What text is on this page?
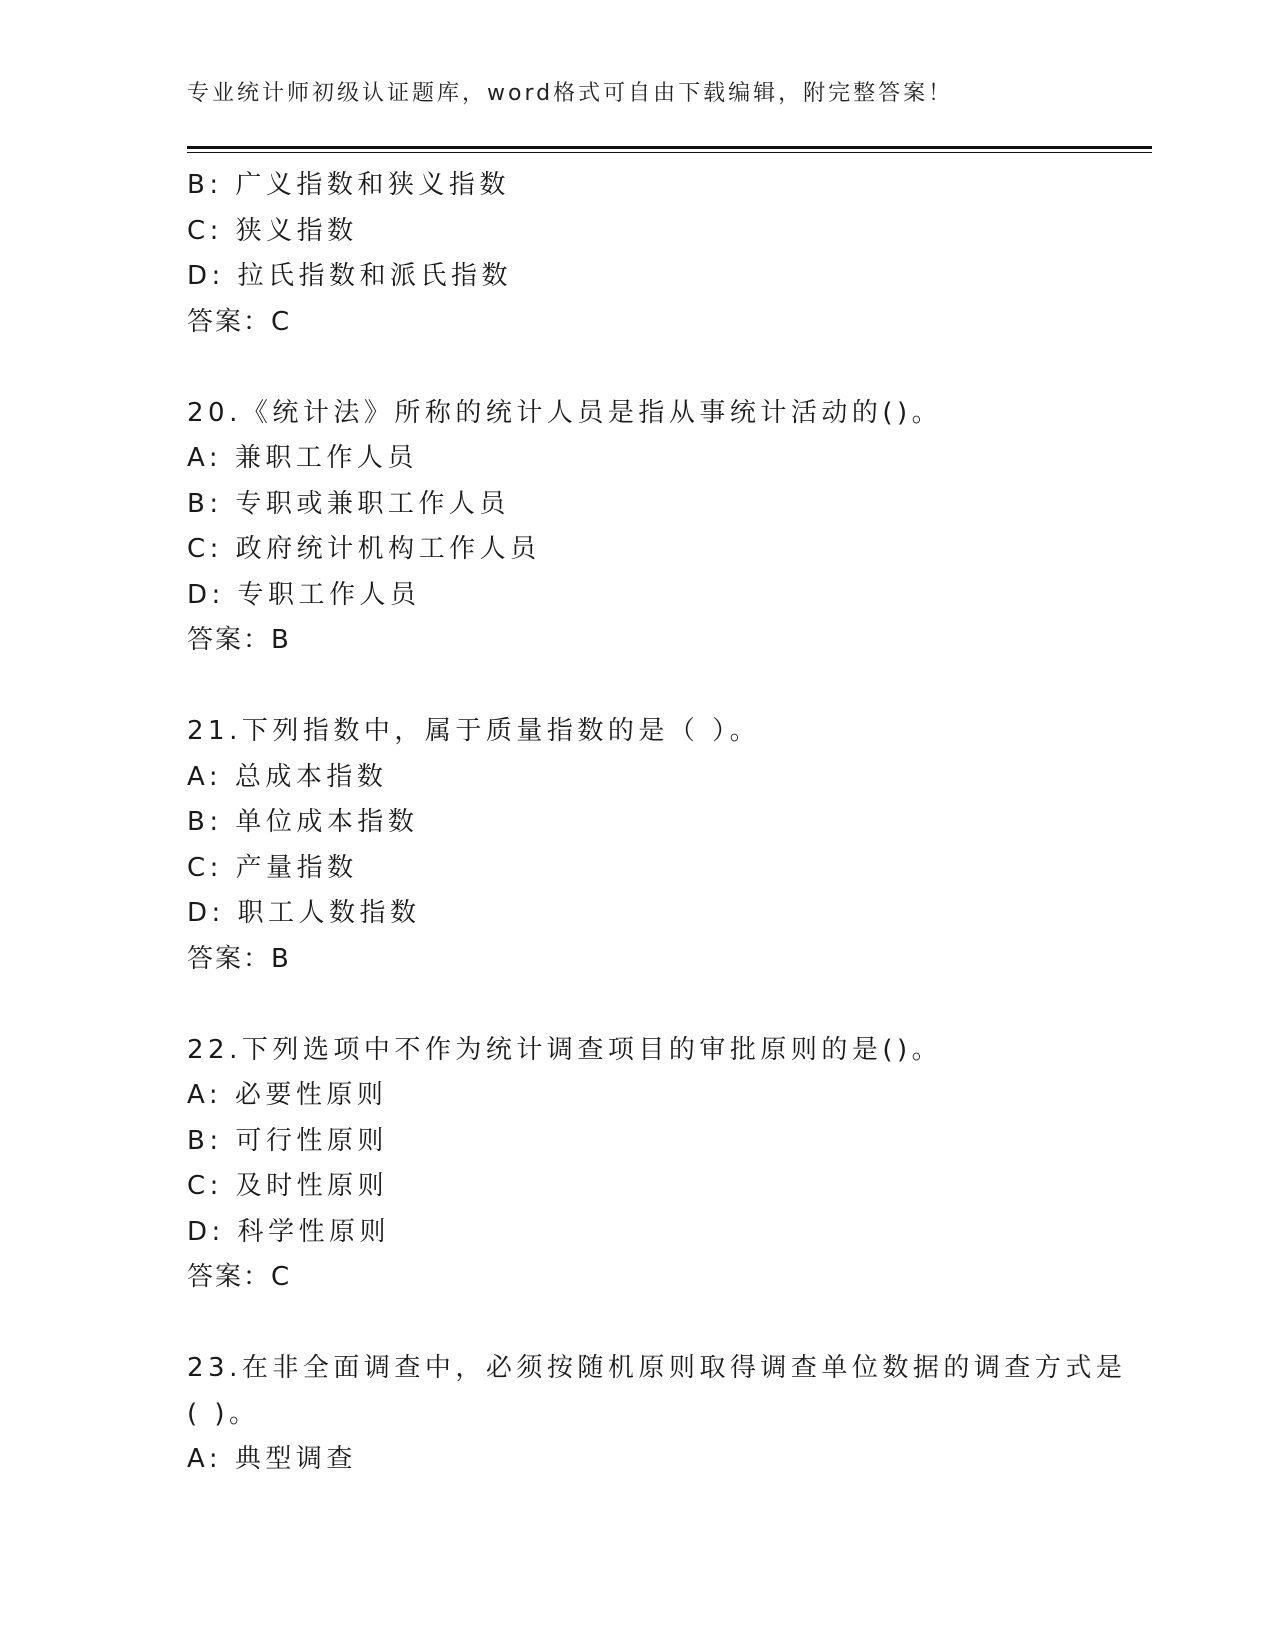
专业统计师初级认证题库，word格式可自由下载编辑，附完整答案！
B: 广义指数和狭义指数
C: 狭义指数
D: 拉氏指数和派氏指数
答案：C
20.《统计法》所称的统计人员是指从事统计活动的()。
A: 兼职工作人员
B: 专职或兼职工作人员
C: 政府统计机构工作人员
D: 专职工作人员
答案：B
21.下列指数中，属于质量指数的是（ ）。
A: 总成本指数
B: 单位成本指数
C: 产量指数
D: 职工人数指数
答案：B
22.下列选项中不作为统计调查项目的审批原则的是()。
A: 必要性原则
B: 可行性原则
C: 及时性原则
D: 科学性原则
答案：C
23.在非全面调查中，必须按随机原则取得调查单位数据的调查方式是
( )。
A: 典型调查
